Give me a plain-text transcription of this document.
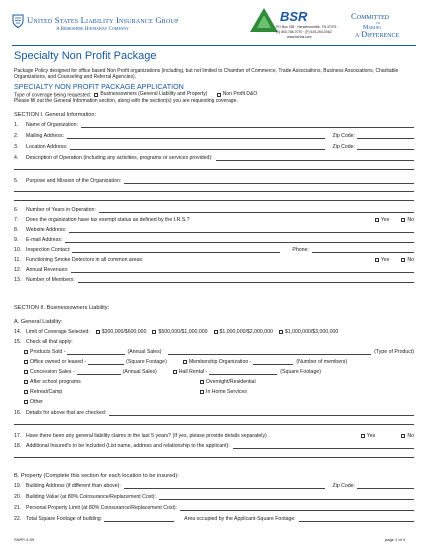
United States Liability Insurance Group
A Berkshire Hathaway Company
BSR
PO Box 768 · Hendersonville, TN 37075
(1) 800-768-7070 · (F) 615-264-0062
www.bsrins.com
Committed
to
Making
a Difference
Specialty Non Profit Package
Package Policy designed for office based Non Profit organizations (including, but not limited to Chamber of Commerce, Trade Associations, Business Associations, Charitable Organizations, and Counseling and Referral Agencies).
SPECIALTY NON PROFIT PACKAGE APPLICATION
Type of coverage being requested: Businessowners (General Liability and Property)
	Non Profit D&O
Please fill out the General Information section, along with the section(s) you are requesting coverage.
SECTION I. General Information:
1.	Name of Organization:
2.	Mailing Address:	Zip Code:
3.	Location Address:	Zip Code:
4.	Description of Operation (including any activities, programs or services provided):
5.	Purpose and Mission of the Organization:
6.	Number of Years in Operation:
7.	Does the organization have tax exempt status as defined by the I.R.S.?	Yes	No
8.	Website Address:
9.	E-mail Address:
10. Inspection Contact:	Phone:
11. Functioning Smoke Detectors in all common areas:	Yes	No
12. Annual Revenues:
13. Number of Members:
SECTION II. Businessowners Liability:
A. General Liability:
14. Limit of Coverage Selected: $300,000/$600,000 $500,000/$1,000,000 $1,000,000/$2,000,000 $1,000,000/$3,000,000
15. Check all that apply:
Products Sold -	(Annual Sales)	(Type of Product)
Office owned or leased -	(Square Footage)	Membership Organization -	(Number of members)
Concession Sales -	(Annual Sales)	Hall Rental -	(Square Footage)
After school programs	Overnight/Residential
Retreat/Camp	In Home Services
Other
16. Details for above that are checked:
17. Have there been any general liability claims in the last 5 years? (If yes, please provide details separately)	Yes	No
18. Additional Insured's to be included (List name, address and relationship to the applicant):
B. Property (Complete this section for each location to be insured):
19. Building Address (if different than above):	Zip Code:
20. Building Value (at 80% Coinsurance/Replacement Cost):
21. Personal Property Limit (at 80% Coinsurance/Replacement Cost):
22. Total Square Footage of building:	Area occupied by the Applicant-Square Footage:
SNPP-4-09	page 1 of 4
